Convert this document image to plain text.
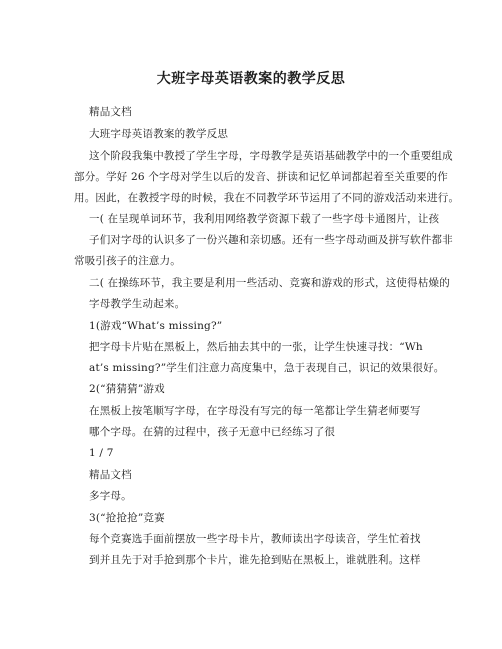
大班字母英语教案的教学反思
精品文档
大班字母英语教案的教学反思
这个阶段我集中教授了学生字母，字母教学是英语基础教学中的一个重要组成
部分。学好 26 个字母对学生以后的发音、拼读和记忆单词都起着至关重要的作
用。因此，在教授字母的时候，我在不同教学环节运用了不同的游戏活动来进行。
一( 在呈现单词环节，我利用网络教学资源下载了一些字母卡通图片，让孩
子们对字母的认识多了一份兴趣和亲切感。还有一些字母动画及拼写软件都非
常吸引孩子的注意力。
二( 在操练环节，我主要是利用一些活动、竞赛和游戏的形式，这使得枯燥的
字母教学生动起来。
1(游戏“What’s missing?”
把字母卡片贴在黑板上，然后抽去其中的一张，让学生快速寻找：“Wh
at’s missing?”学生们注意力高度集中，急于表现自己，识记的效果很好。
2(“猜猜猜”游戏
在黑板上按笔顺写字母，在字母没有写完的每一笔都让学生猜老师要写
哪个字母。在猜的过程中，孩子无意中已经练习了很
1 / 7
精品文档
多字母。
3(“抢抢抢”竞赛
每个竞赛选手面前摆放一些字母卡片，教师读出字母读音，学生忙着找
到并且先于对手抢到那个卡片，谁先抢到贴在黑板上，谁就胜利。这样
